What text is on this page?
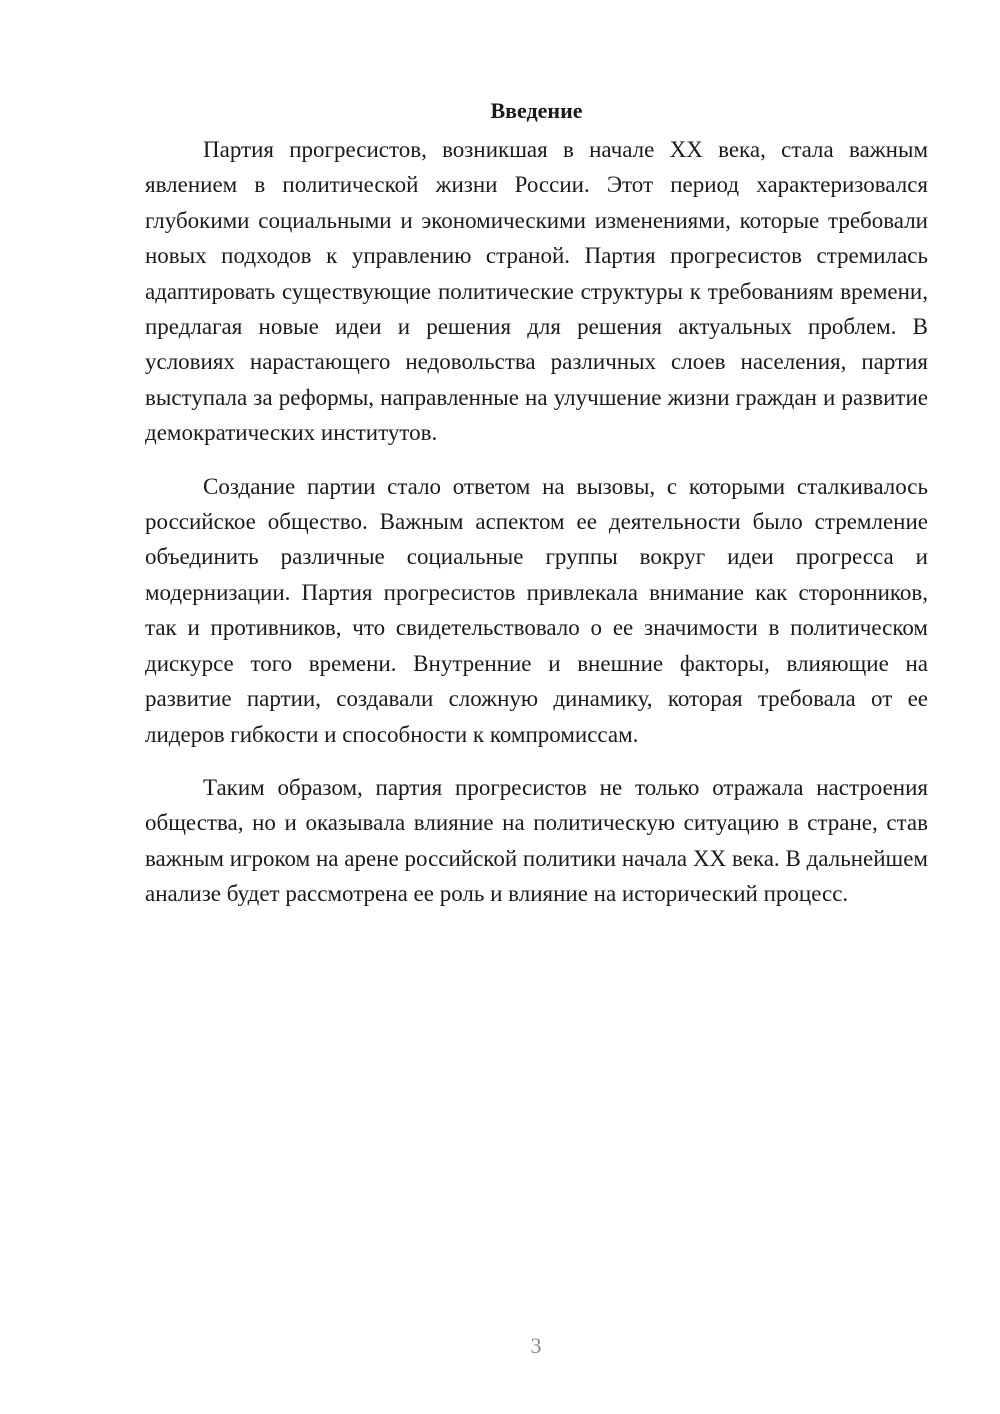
Введение

Партия прогресистов, возникшая в начале XX века, стала важным явлением в политической жизни России. Этот период характеризовался глубокими социальными и экономическими изменениями, которые требовали новых подходов к управлению страной. Партия прогресистов стремилась адаптировать существующие политические структуры к требованиям времени, предлагая новые идеи и решения для решения актуальных проблем. В условиях нарастающего недовольства различных слоев населения, партия выступала за реформы, направленные на улучшение жизни граждан и развитие демократических институтов.

Создание партии стало ответом на вызовы, с которыми сталкивалось российское общество. Важным аспектом ее деятельности было стремление объединить различные социальные группы вокруг идеи прогресса и модернизации. Партия прогресистов привлекала внимание как сторонников, так и противников, что свидетельствовало о ее значимости в политическом дискурсе того времени. Внутренние и внешние факторы, влияющие на развитие партии, создавали сложную динамику, которая требовала от ее лидеров гибкости и способности к компромиссам.

Таким образом, партия прогресистов не только отражала настроения общества, но и оказывала влияние на политическую ситуацию в стране, став важным игроком на арене российской политики начала XX века. В дальнейшем анализе будет рассмотрена ее роль и влияние на исторический процесс.

3
